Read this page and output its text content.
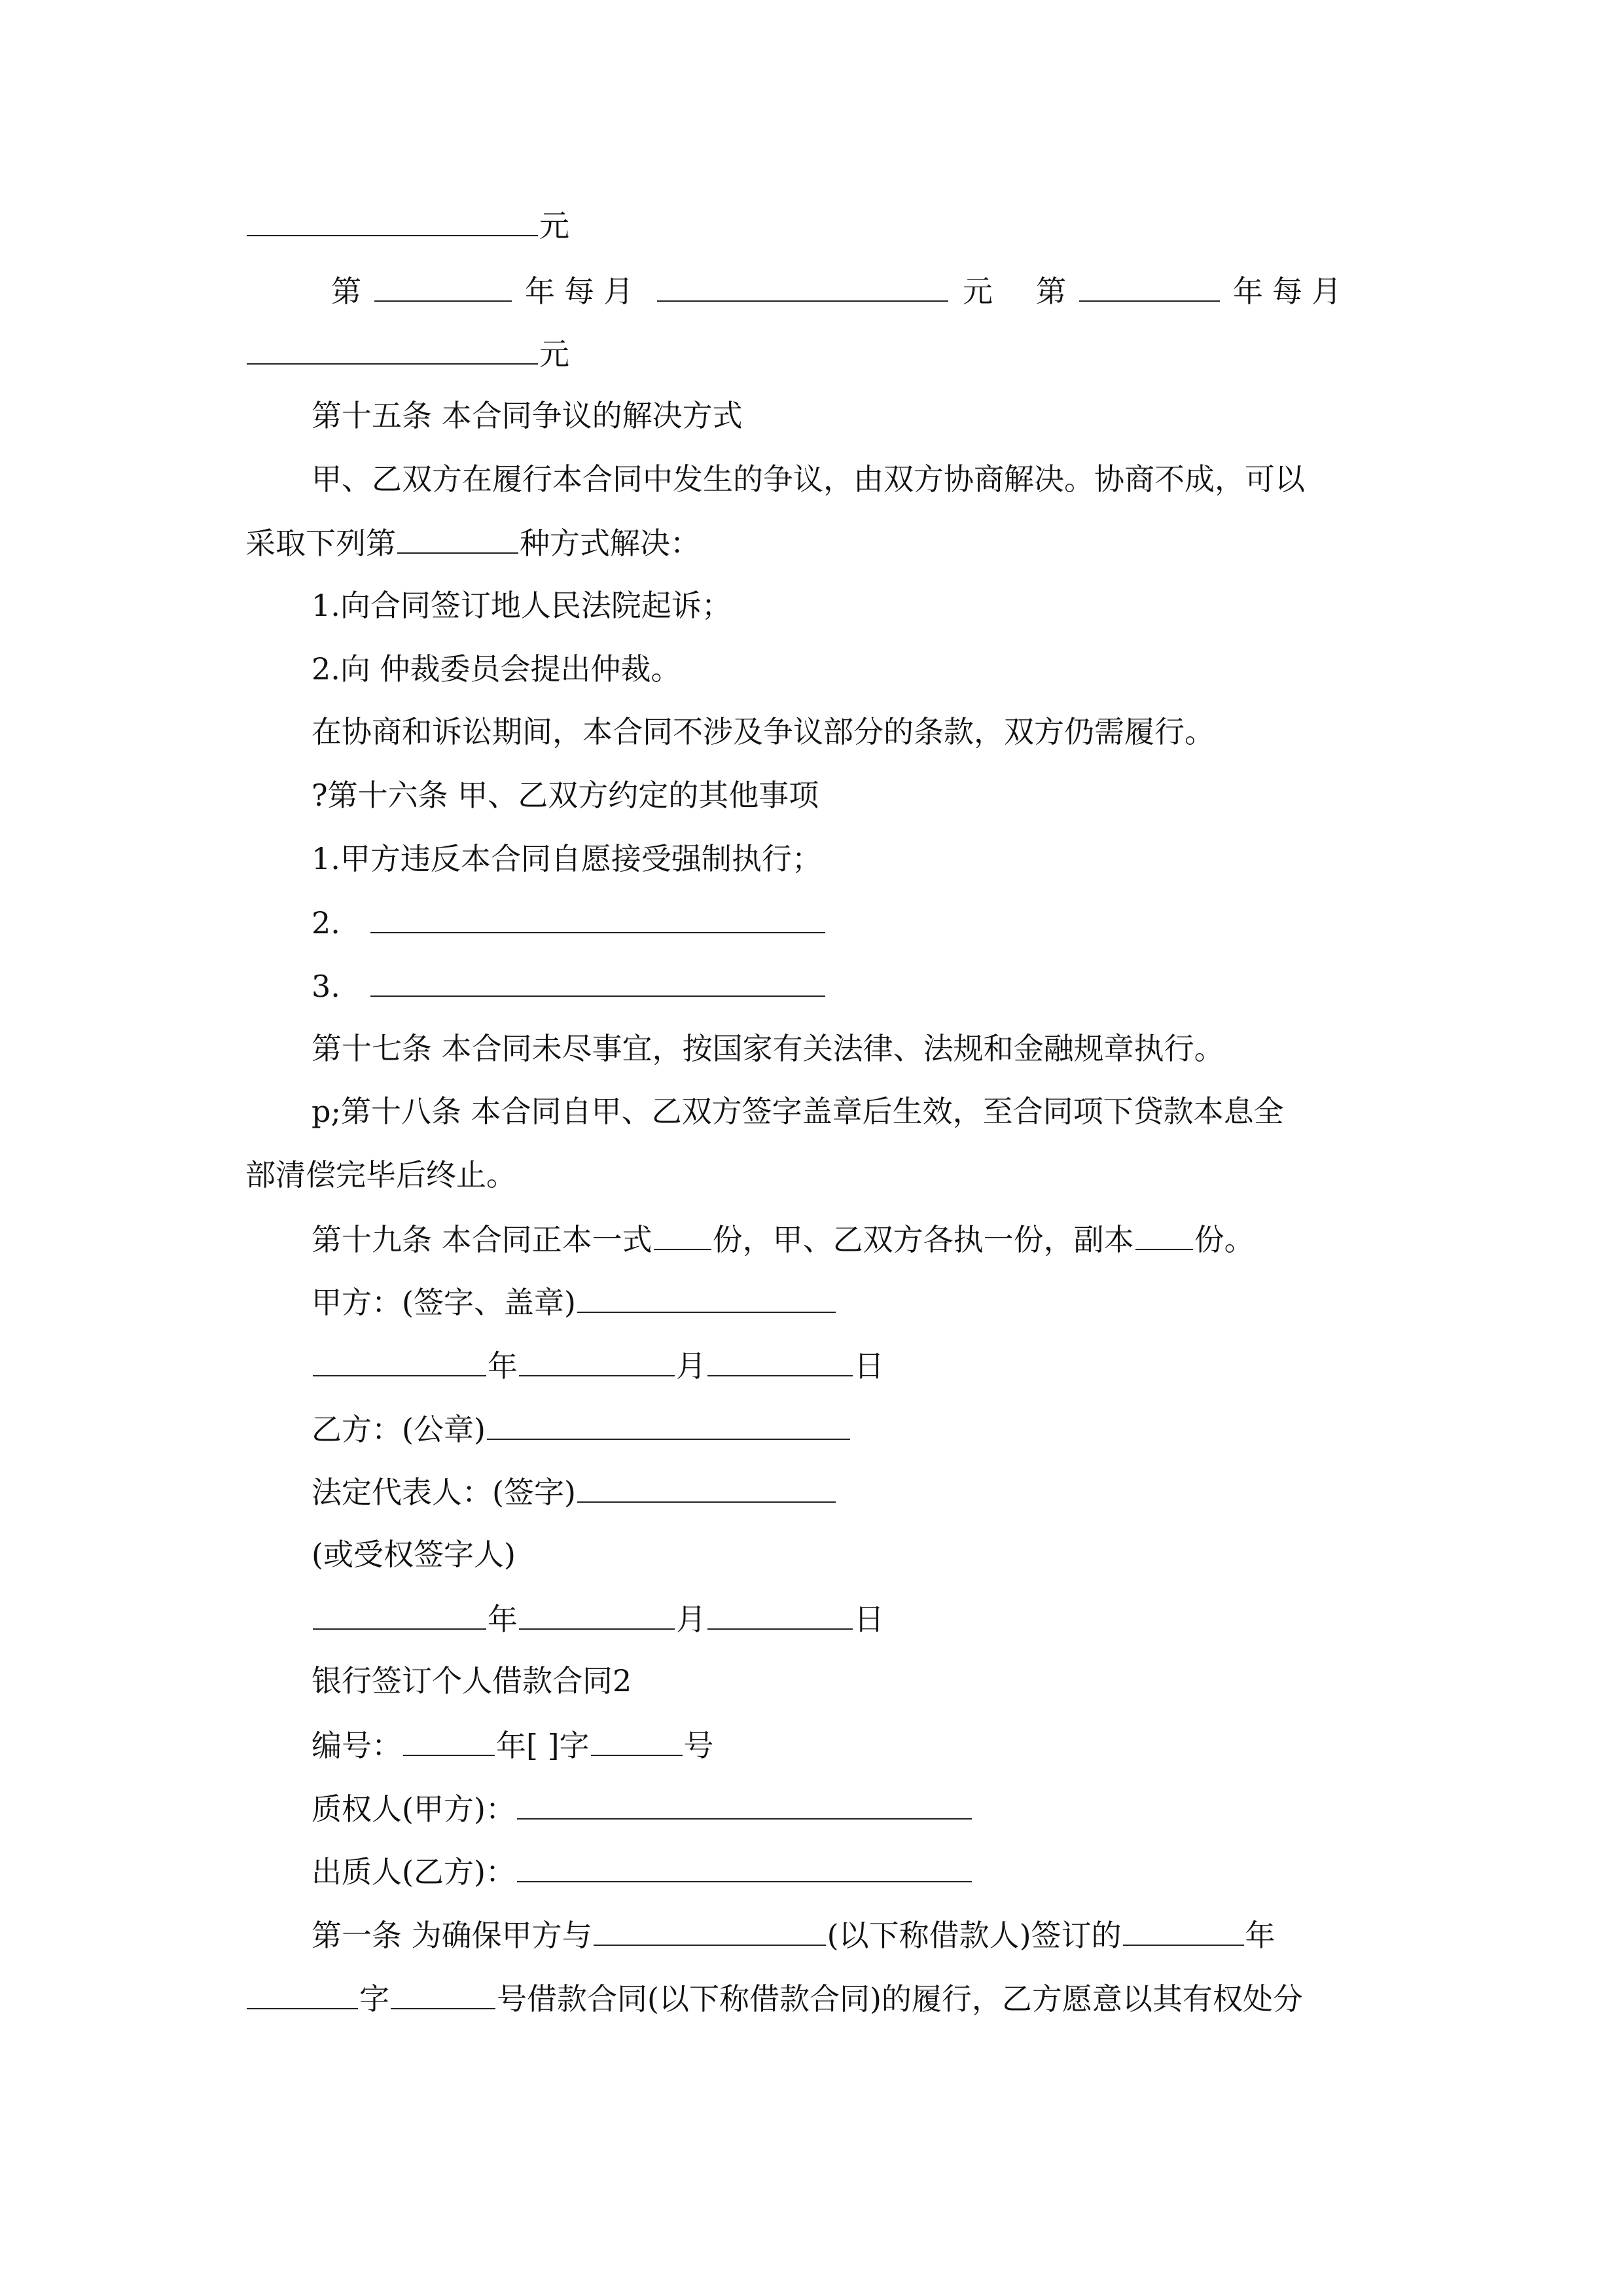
元
第	年每月	元 第	年每月
元
第十五条 本合同争议的解决方式
甲、乙双方在履行本合同中发生的争议，由双方协商解决。协商不成，可以
采取下列第	种方式解决：
1.向合同签订地人民法院起诉；
2.向 仲裁委员会提出仲裁。
在协商和诉讼期间，本合同不涉及争议部分的条款，双方仍需履行。
?第十六条 甲、乙双方约定的其他事项
1.甲方违反本合同自愿接受强制执行；
2.
3.
第十七条 本合同未尽事宜，按国家有关法律、法规和金融规章执行。
p;第十八条 本合同自甲、乙双方签字盖章后生效，至合同项下贷款本息全
部清偿完毕后终止。
第十九条 本合同正本一式 份，甲、乙双方各执一份，副本 份。
甲方：(签字、盖章)
年	月	日
乙方：(公章)
法定代表人：(签字)
(或受权签字人)
年	月	日
银行签订个人借款合同2
编号：	年[ ]字	号
质权人(甲方)：
出质人(乙方)：
第一条 为确保甲方与	(以下称借款人)签订的	年
字	号借款合同(以下称借款合同)的履行，乙方愿意以其有权处分
